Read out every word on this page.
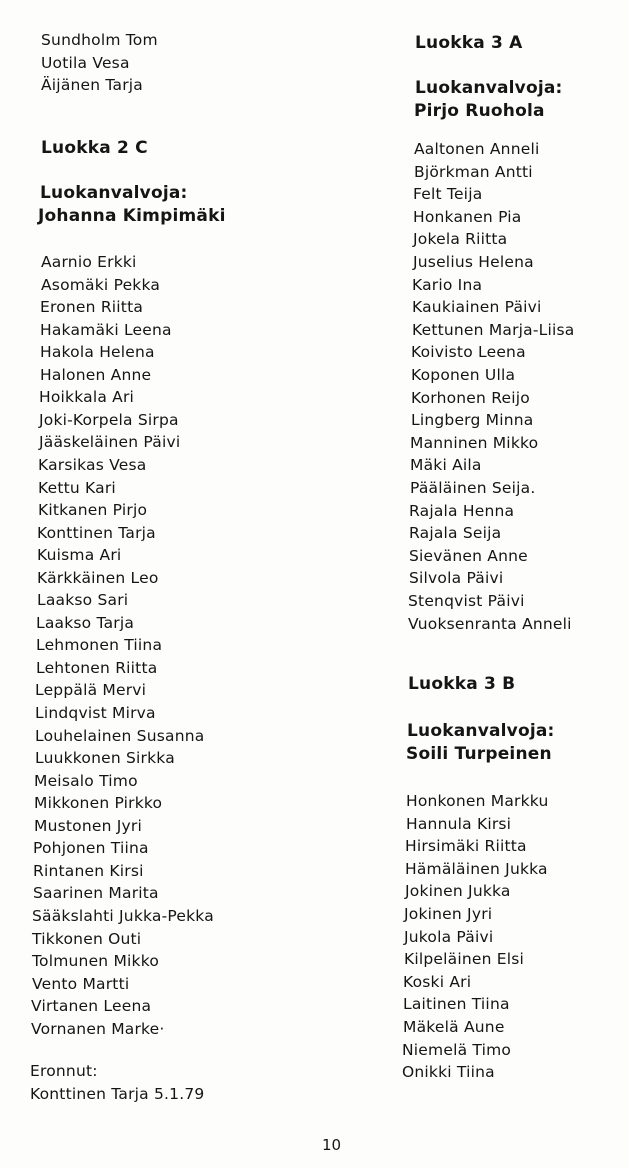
Sundholm Tom
Uotila Vesa
Äijänen Tarja
Luokka 2 C
Luokanvalvoja:
Johanna Kimpimäki
Aarnio Erkki
Asomäki Pekka
Eronen Riitta
Hakamäki Leena
Hakola Helena
Halonen Anne
Hoikkala Ari
Joki-Korpela Sirpa
Jääskeläinen Päivi
Karsikas Vesa
Kettu Kari
Kitkanen Pirjo
Konttinen Tarja
Kuisma Ari
Kärkkäinen Leo
Laakso Sari
Laakso Tarja
Lehmonen Tiina
Lehtonen Riitta
Leppälä Mervi
Lindqvist Mirva
Louhelainen Susanna
Luukkonen Sirkka
Meisalo Timo
Mikkonen Pirkko
Mustonen Jyri
Pohjonen Tiina
Rintanen Kirsi
Saarinen Marita
Sääkslahti Jukka-Pekka
Tikkonen Outi
Tolmunen Mikko
Vento Martti
Virtanen Leena
Vornanen Marke·
Eronnut:
Konttinen Tarja 5.1.79
Luokka 3 A
Luokanvalvoja:
Pirjo Ruohola
Aaltonen Anneli
Björkman Antti
Felt Teija
Honkanen Pia
Jokela Riitta
Juselius Helena
Kario Ina
Kaukiainen Päivi
Kettunen Marja-Liisa
Koivisto Leena
Koponen Ulla
Korhonen Reijo
Lingberg Minna
Manninen Mikko
Mäki Aila
Pääläinen Seija.
Rajala Henna
Rajala Seija
Sievänen Anne
Silvola Päivi
Stenqvist Päivi
Vuoksenranta Anneli
Luokka 3 B
Luokanvalvoja:
Soili Turpeinen
Honkonen Markku
Hannula Kirsi
Hirsimäki Riitta
Hämäläinen Jukka
Jokinen Jukka
Jokinen Jyri
Jukola Päivi
Kilpeläinen Elsi
Koski Ari
Laitinen Tiina
Mäkelä Aune
Niemelä Timo
Onikki Tiina
10
